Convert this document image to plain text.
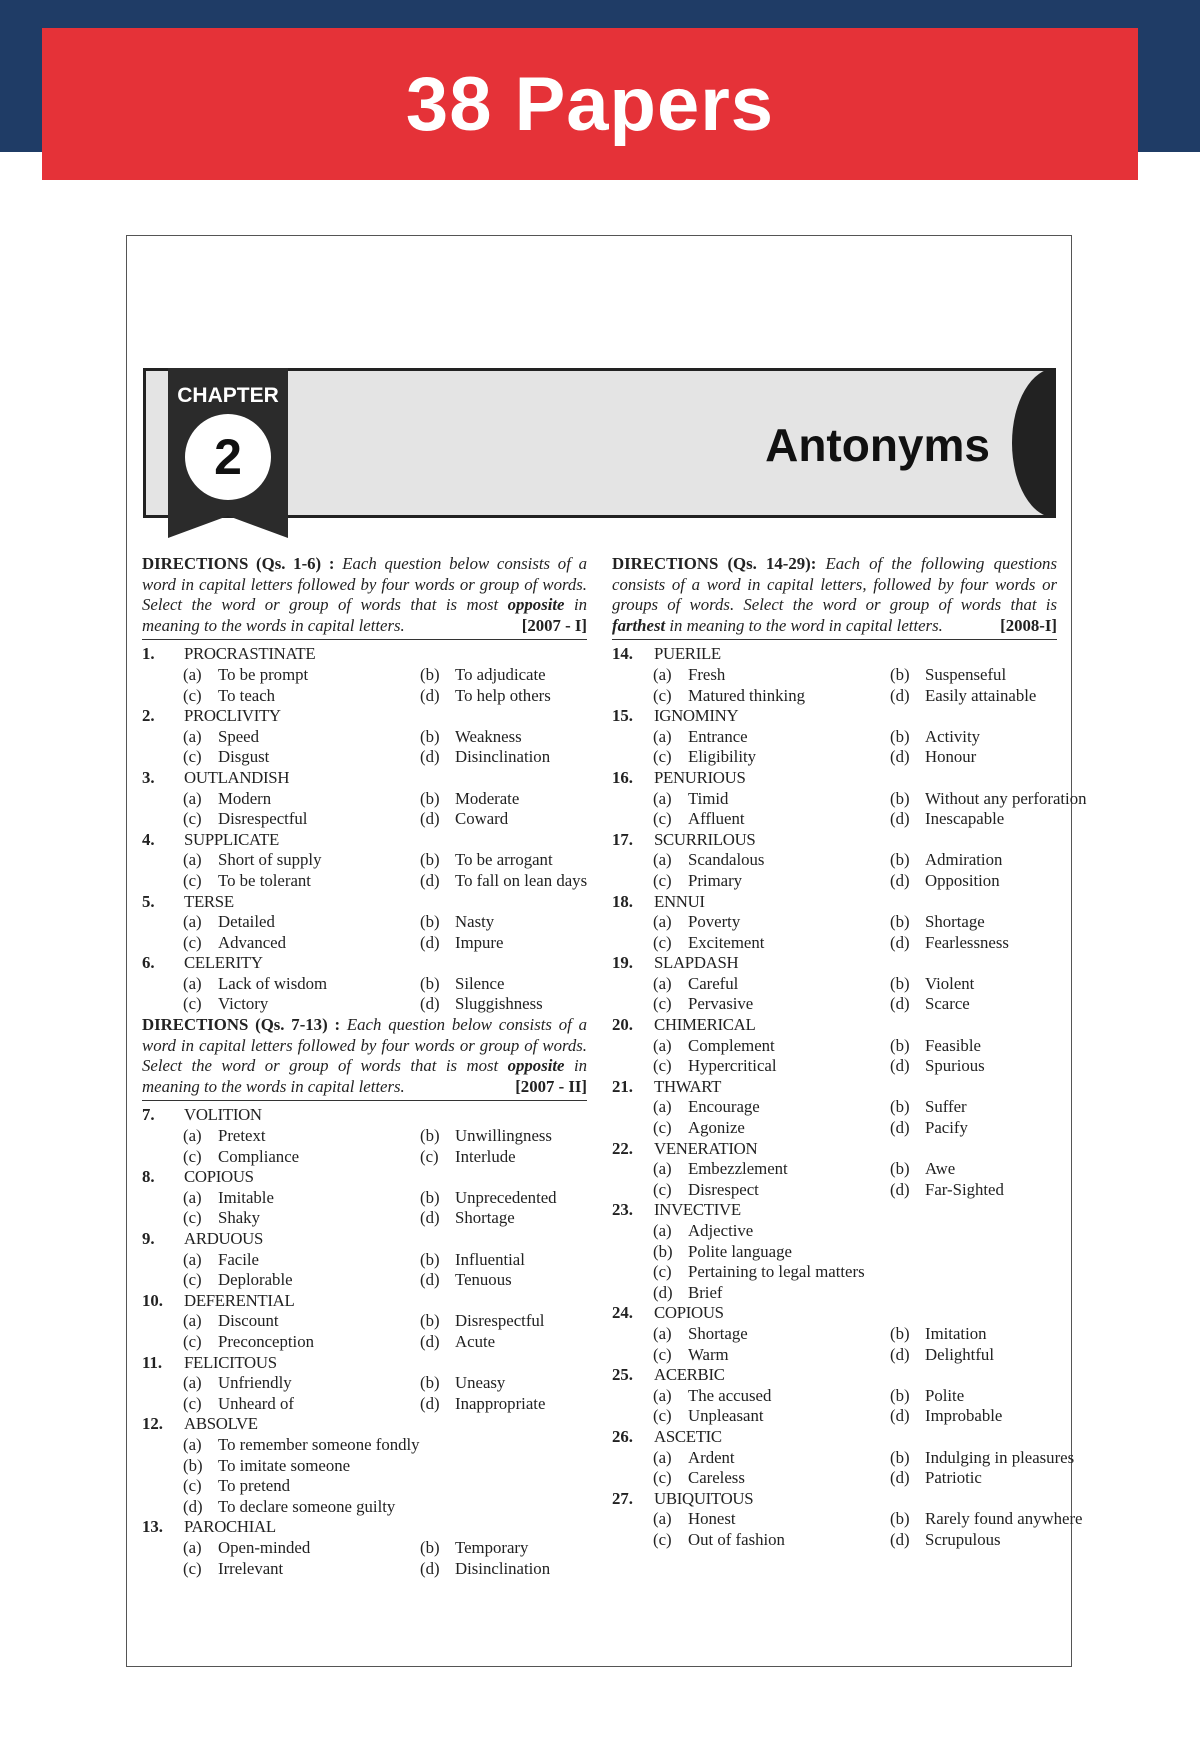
38 Papers
CHAPTER
2	Antonyms
DIRECTIONS (Qs. 1-6) : Each question below consists of a word in capital letters followed by four words or group of words. Select the word or group of words that is most opposite in meaning to the words in capital letters.	[2007 - I]
1.	PROCRASTINATE
(a) To be prompt	(b) To adjudicate
(c) To teach	(d) To help others
2.	PROCLIVITY
(a) Speed	(b) Weakness
(c) Disgust	(d) Disinclination
3.	OUTLANDISH
(a) Modern	(b) Moderate
(c) Disrespectful	(d) Coward
4.	SUPPLICATE
(a) Short of supply	(b) To be arrogant
(c) To be tolerant	(d) To fall on lean days
5.	TERSE
(a) Detailed	(b) Nasty
(c) Advanced	(d) Impure
6.	CELERITY
(a) Lack of wisdom	(b) Silence
(c) Victory	(d) Sluggishness
DIRECTIONS (Qs. 7-13) : Each question below consists of a word in capital letters followed by four words or group of words. Select the word or group of words that is most opposite in meaning to the words in capital letters.	[2007 - II]
7.	VOLITION
(a) Pretext	(b) Unwillingness
(c) Compliance	(c) Interlude
8.	COPIOUS
(a) Imitable	(b) Unprecedented
(c) Shaky	(d) Shortage
9.	ARDUOUS
(a) Facile	(b) Influential
(c) Deplorable	(d) Tenuous
10.	DEFERENTIAL
(a) Discount	(b) Disrespectful
(c) Preconception	(d) Acute
11.	FELICITOUS
(a) Unfriendly	(b) Uneasy
(c) Unheard of	(d) Inappropriate
12.	ABSOLVE
(a) To remember someone fondly
(b) To imitate someone
(c) To pretend
(d) To declare someone guilty
13.	PAROCHIAL
(a) Open-minded	(b) Temporary
(c) Irrelevant	(d) Disinclination
DIRECTIONS (Qs. 14-29): Each of the following questions consists of a word in capital letters, followed by four words or groups of words. Select the word or group of words that is farthest in meaning to the word in capital letters.	[2008-I]
14.	PUERILE
(a) Fresh	(b) Suspenseful
(c) Matured thinking	(d) Easily attainable
15.	IGNOMINY
(a) Entrance	(b) Activity
(c) Eligibility	(d) Honour
16.	PENURIOUS
(a) Timid	(b) Without any perforation
(c) Affluent	(d) Inescapable
17.	SCURRILOUS
(a) Scandalous	(b) Admiration
(c) Primary	(d) Opposition
18.	ENNUI
(a) Poverty	(b) Shortage
(c) Excitement	(d) Fearlessness
19.	SLAPDASH
(a) Careful	(b) Violent
(c) Pervasive	(d) Scarce
20.	CHIMERICAL
(a) Complement	(b) Feasible
(c) Hypercritical	(d) Spurious
21.	THWART
(a) Encourage	(b) Suffer
(c) Agonize	(d) Pacify
22.	VENERATION
(a) Embezzlement	(b) Awe
(c) Disrespect	(d) Far-Sighted
23.	INVECTIVE
(a) Adjective
(b) Polite language
(c) Pertaining to legal matters
(d) Brief
24.	COPIOUS
(a) Shortage	(b) Imitation
(c) Warm	(d) Delightful
25.	ACERBIC
(a) The accused	(b) Polite
(c) Unpleasant	(d) Improbable
26.	ASCETIC
(a) Ardent	(b) Indulging in pleasures
(c) Careless	(d) Patriotic
27.	UBIQUITOUS
(a) Honest	(b) Rarely found anywhere
(c) Out of fashion	(d) Scrupulous
